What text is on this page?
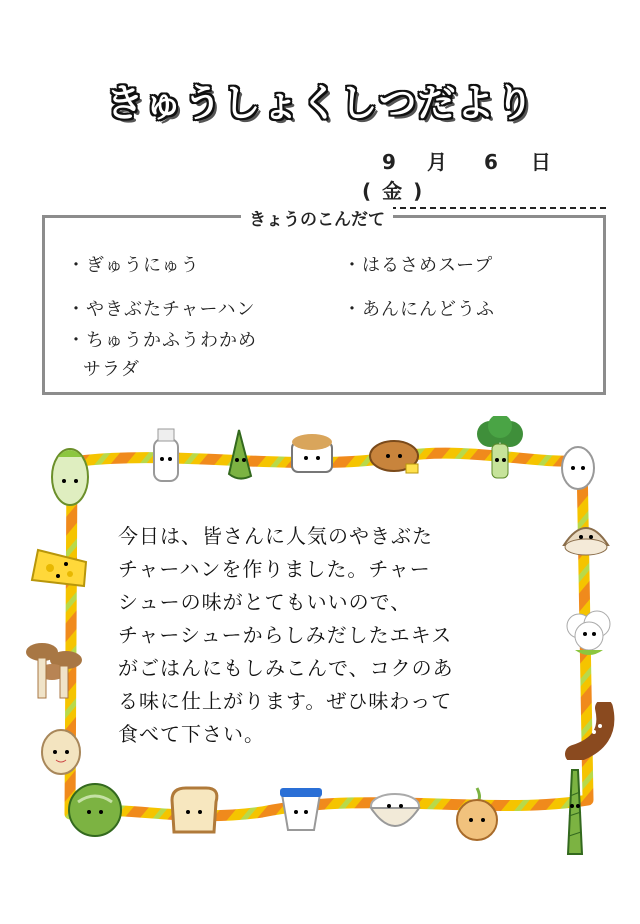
きゅうしょくしつだより
9 月 6 日 ( 金 )
きょうのこんだて
・ぎゅうにゅう	・はるさめスープ
・やきぶたチャーハン	・あんにんどうふ
・ちゅうかふうわかめ
サラダ
今日は、皆さんに人気のやきぶた
チャーハンを作りました。チャー
シューの味がとてもいいので、
チャーシューからしみだしたエキス
がごはんにもしみこんで、コクのあ
る味に仕上がります。ぜひ味わって
食べて下さい。
